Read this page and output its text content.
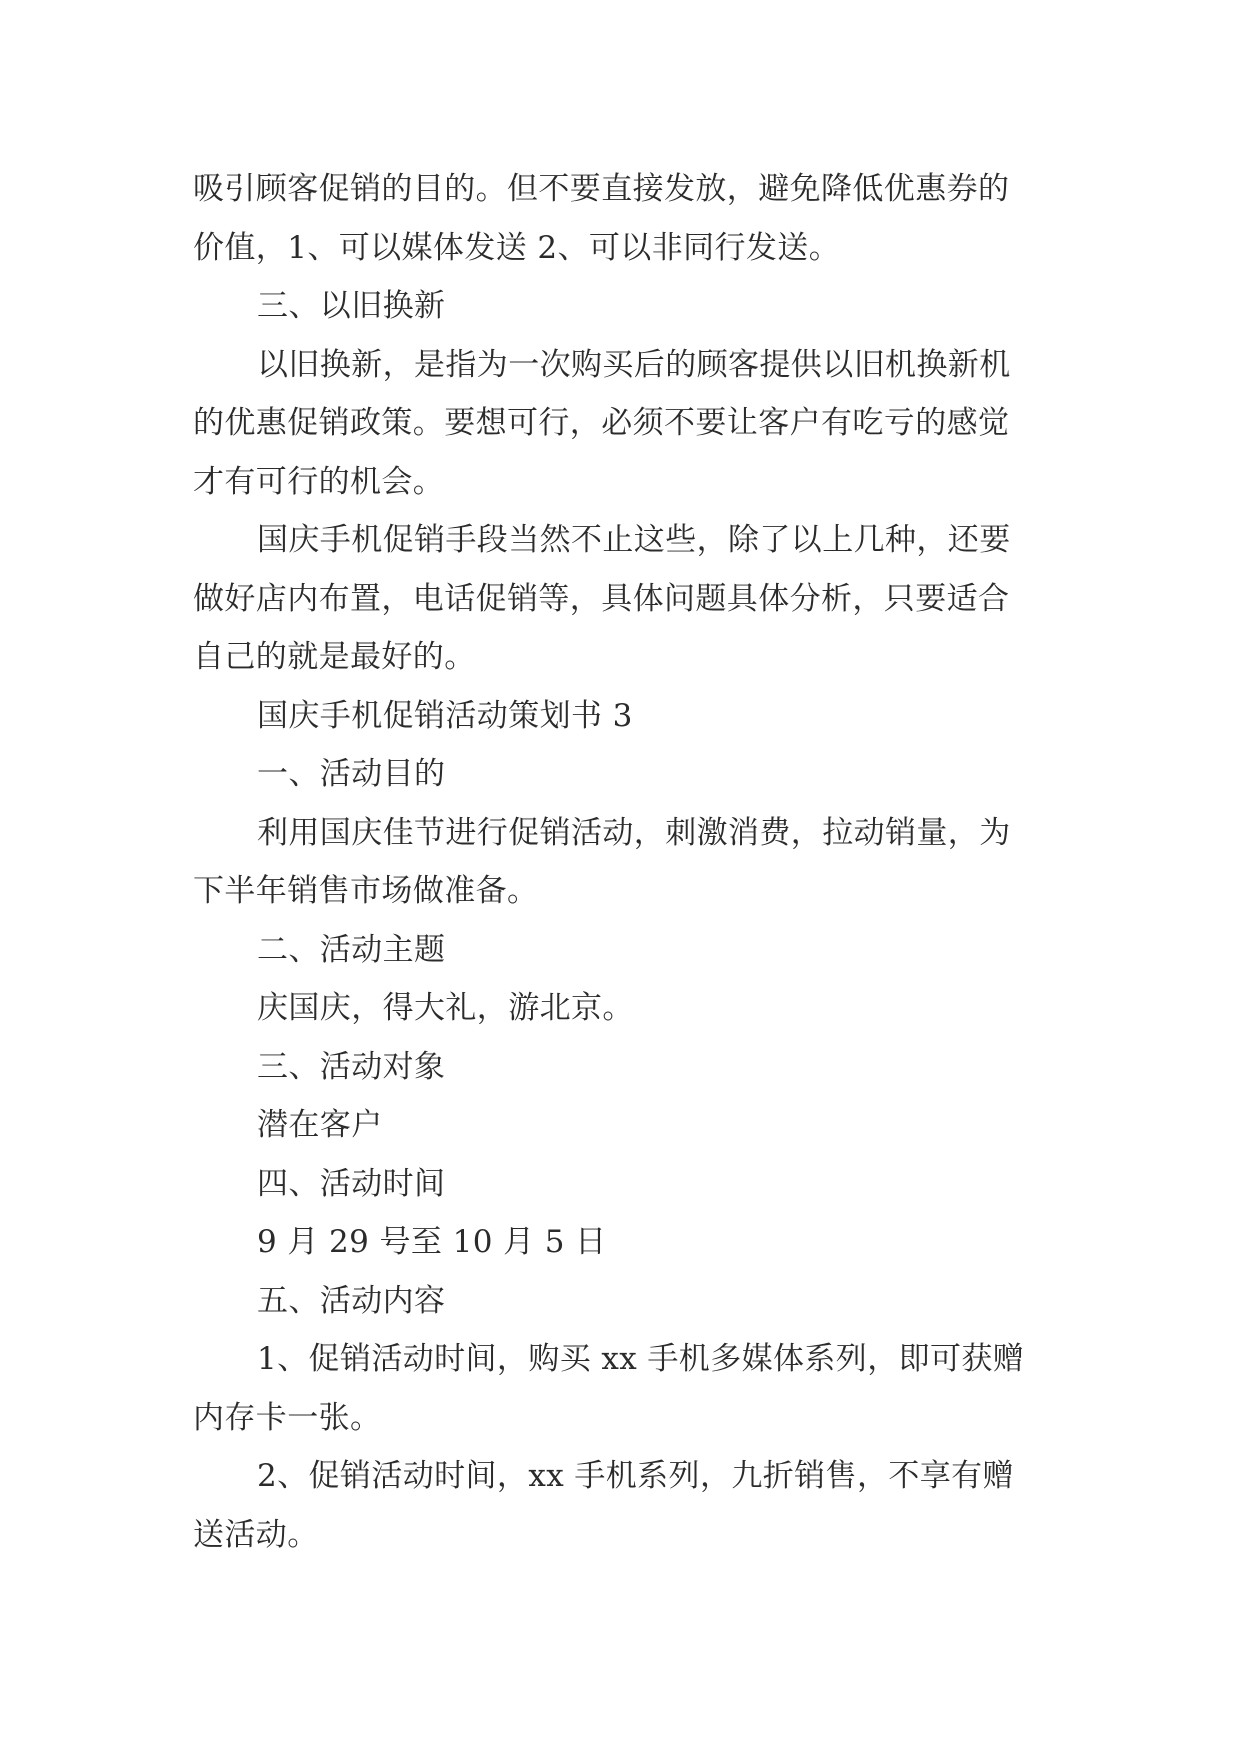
吸引顾客促销的目的。但不要直接发放，避免降低优惠券的
价值，1、可以媒体发送 2、可以非同行发送。
三、以旧换新
以旧换新，是指为一次购买后的顾客提供以旧机换新机
的优惠促销政策。要想可行，必须不要让客户有吃亏的感觉
才有可行的机会。
国庆手机促销手段当然不止这些，除了以上几种，还要
做好店内布置，电话促销等，具体问题具体分析，只要适合
自己的就是最好的。
国庆手机促销活动策划书 3
一、活动目的
利用国庆佳节进行促销活动，刺激消费，拉动销量，为
下半年销售市场做准备。
二、活动主题
庆国庆，得大礼，游北京。
三、活动对象
潜在客户
四、活动时间
9 月 29 号至 10 月 5 日
五、活动内容
1、促销活动时间，购买 xx 手机多媒体系列，即可获赠
内存卡一张。
2、促销活动时间，xx 手机系列，九折销售，不享有赠
送活动。
